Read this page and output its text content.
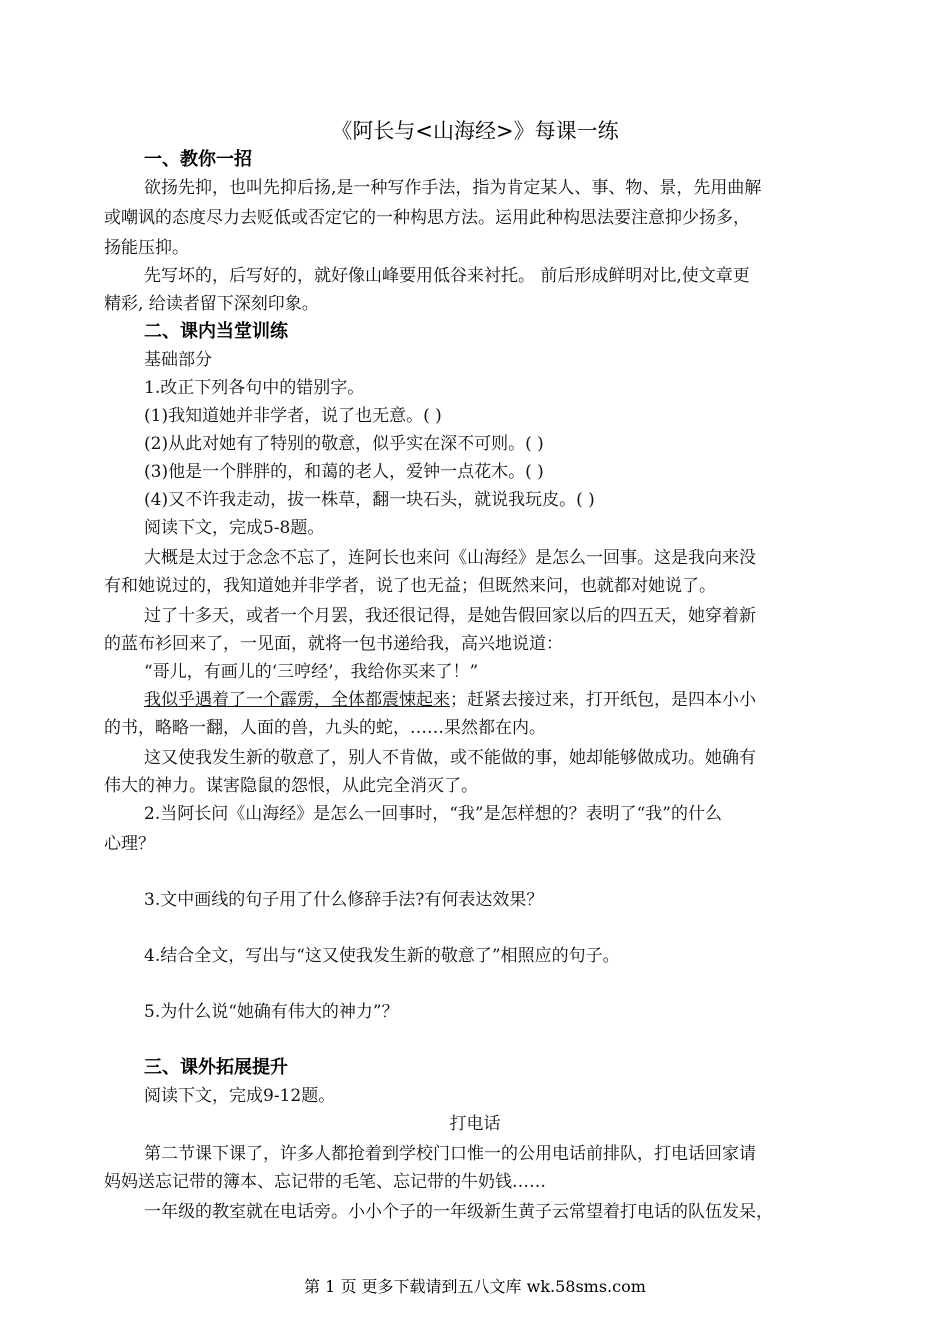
《阿长与<山海经>》每课一练
一、教你一招
欲扬先抑，也叫先抑后扬,是一种写作手法，指为肯定某人、事、物、景，先用曲解
或嘲讽的态度尽力去贬低或否定它的一种构思方法。运用此种构思法要注意抑少扬多，
扬能压抑。
先写坏的，后写好的，就好像山峰要用低谷来衬托。 前后形成鲜明对比,使文章更
精彩, 给读者留下深刻印象。
二、课内当堂训练
基础部分
1.改正下列各句中的错别字。
(1)我知道她并非学者，说了也无意。( )
(2)从此对她有了特别的敬意，似乎实在深不可则。( )
(3)他是一个胖胖的，和蔼的老人，爱钟一点花木。( )
(4)又不许我走动，拔一株草，翻一块石头，就说我玩皮。( )
阅读下文，完成5-8题。
大概是太过于念念不忘了，连阿长也来问《山海经》是怎么一回事。这是我向来没
有和她说过的，我知道她并非学者，说了也无益；但既然来问，也就都对她说了。
过了十多天，或者一个月罢，我还很记得，是她告假回家以后的四五天，她穿着新
的蓝布衫回来了，一见面，就将一包书递给我，高兴地说道：
“哥儿，有画儿的‘三哼经’，我给你买来了！”
我似乎遇着了一个霹雳，全体都震悚起来；赶紧去接过来，打开纸包，是四本小小
的书，略略一翻，人面的兽，九头的蛇，……果然都在内。
这又使我发生新的敬意了，别人不肯做，或不能做的事，她却能够做成功。她确有
伟大的神力。谋害隐鼠的怨恨，从此完全消灭了。
2.当阿长问《山海经》是怎么一回事时，“我”是怎样想的？表明了“我”的什么
心理？
3.文中画线的句子用了什么修辞手法?有何表达效果？
4.结合全文，写出与“这又使我发生新的敬意了”相照应的句子。
5.为什么说“她确有伟大的神力”？
三、课外拓展提升
阅读下文，完成9-12题。
打电话
第二节课下课了，许多人都抢着到学校门口惟一的公用电话前排队，打电话回家请
妈妈送忘记带的簿本、忘记带的毛笔、忘记带的牛奶钱……
一年级的教室就在电话旁。小小个子的一年级新生黄子云常望着打电话的队伍发呆，
第 1 页 更多下载请到五八文库 wk.58sms.com
